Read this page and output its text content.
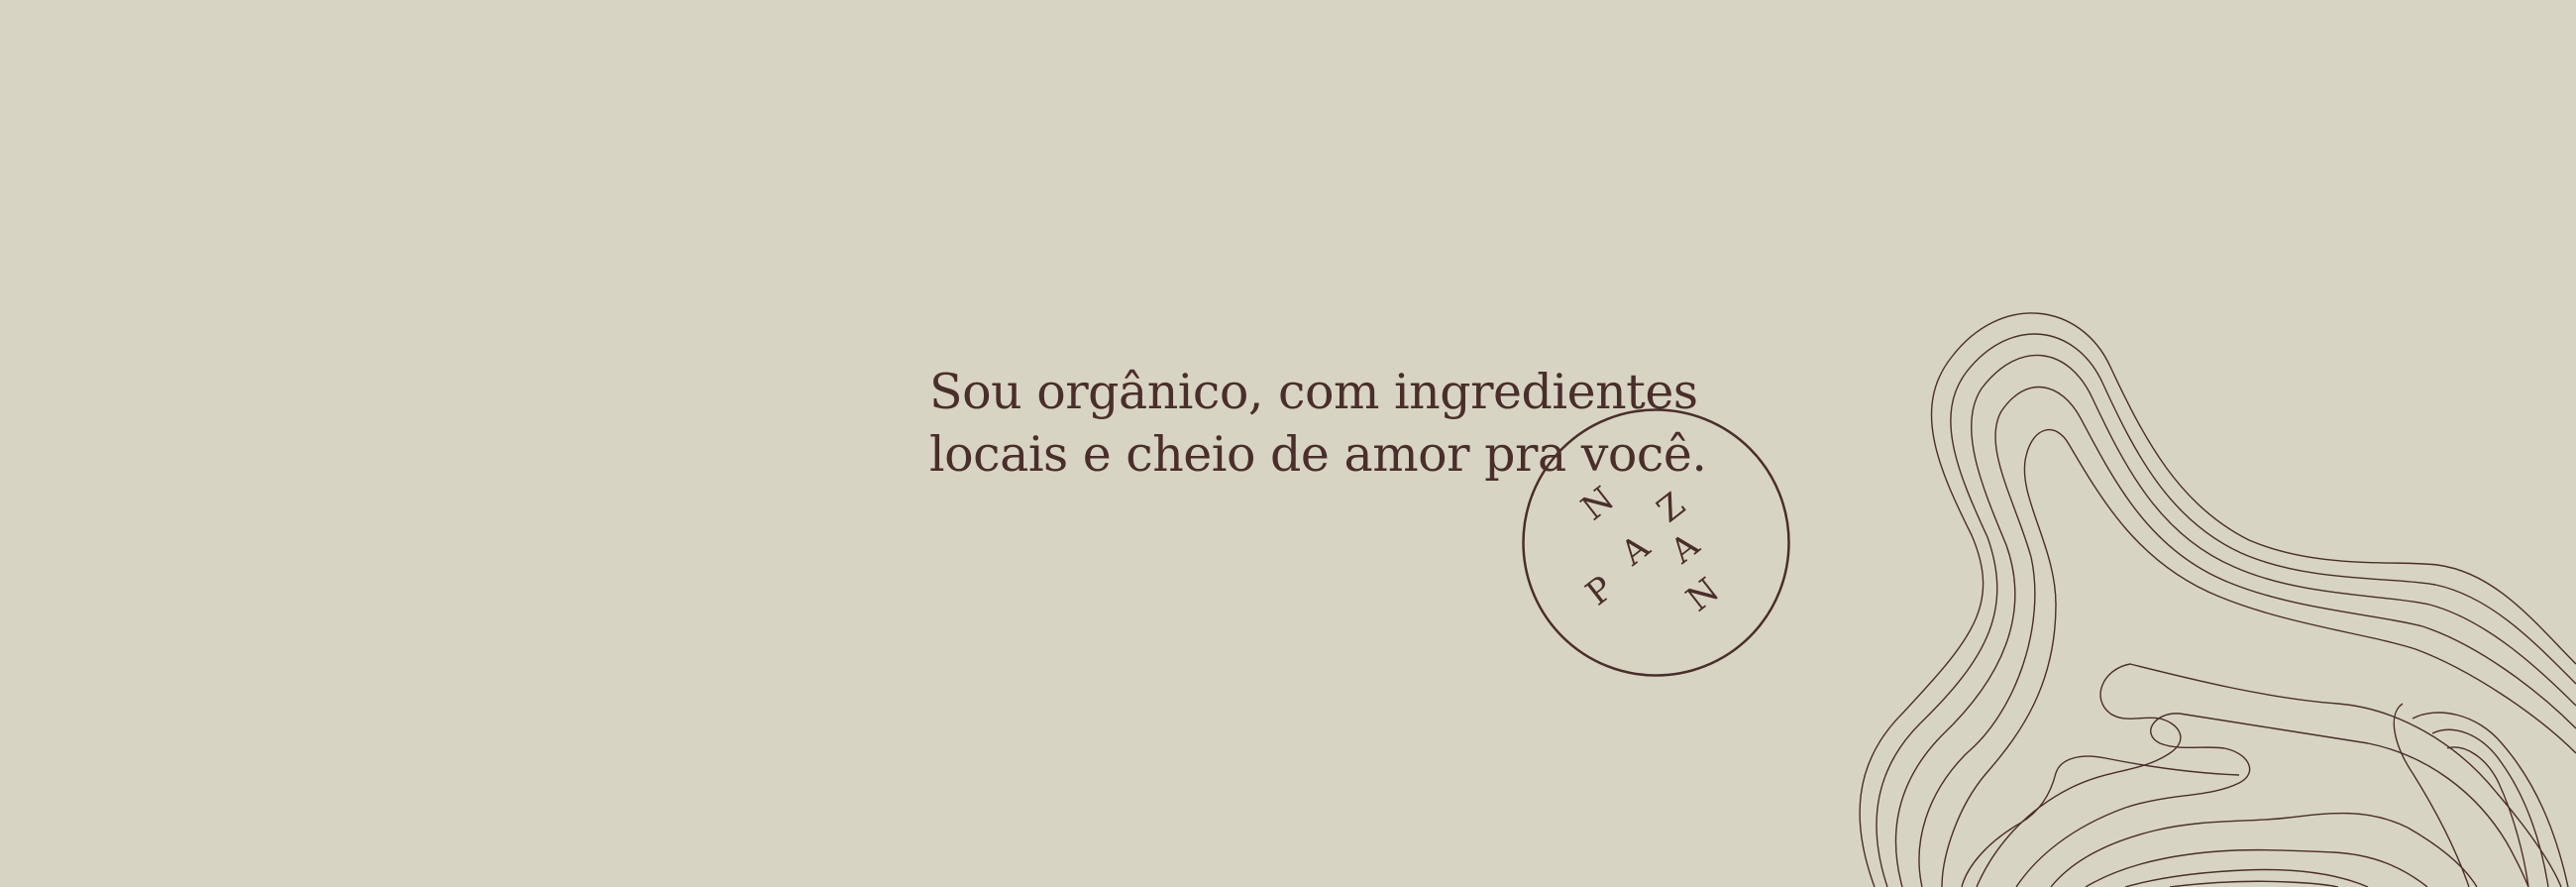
Sou orgânico, com ingredientes
locais e cheio de amor pra você.

P
A
N Z
A
N
